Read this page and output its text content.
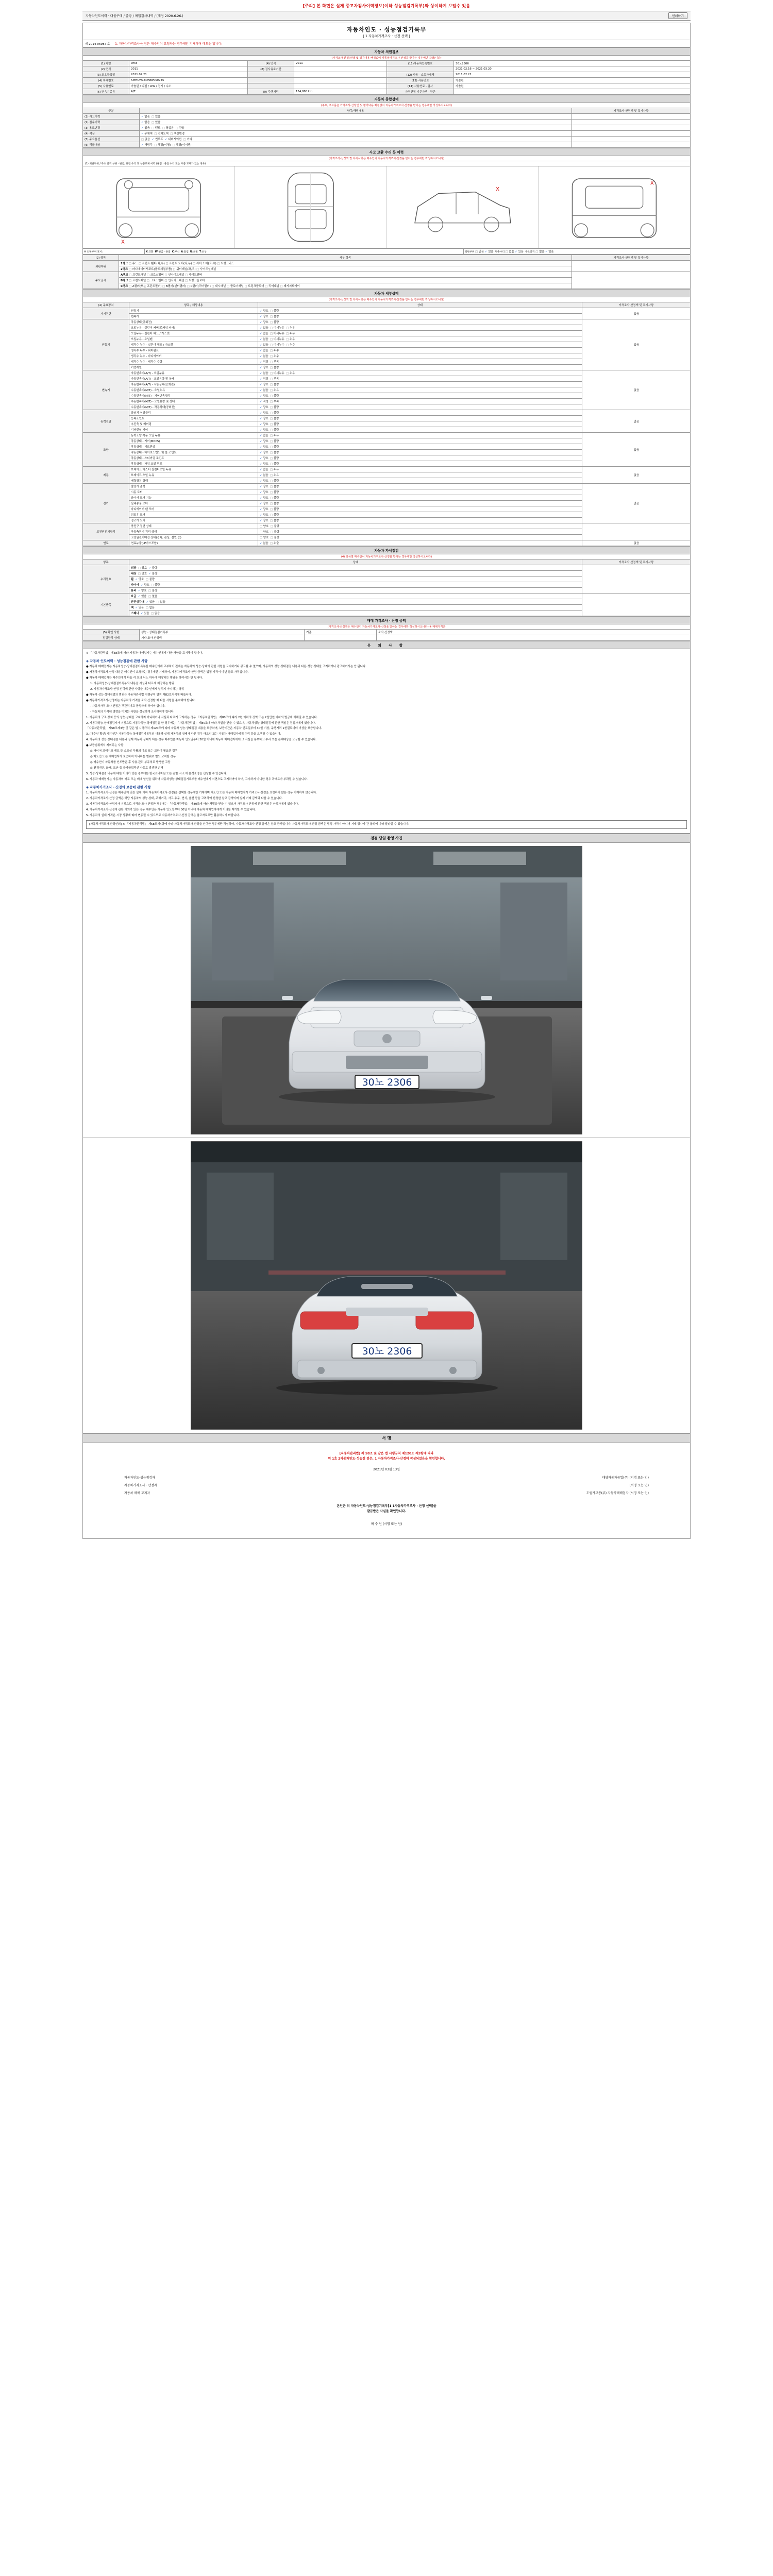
[주의] 본 화면은 실제 중고차검사이력정보(이하 성능점검기록부)와 상이하게 보일수 있음
자동차인도이력 · 대물구매 / 출장 / 매입검사내역 / (개정 2020.6.26.)	인쇄하기
자동차인도 · 성능점검기록부
[ 1 자동차가격조사 · 산정 선택 ]

제 2014-06987 호 1. 자동차가격조사·산정은 매수인이 요청하는 경우에만 기재하며 매도는 합니다.
자동차 의원정보					
(가격조사·산정(선택 및 평가내용 빠짐없이 자동차가격조사·산정을 받아는 경우에만 작성)니다)					
(1) 차명	DM3	(4) 연식	2011	(11)자동차등록번호	30노2306
(2) 연식	2011	(8) 검사유효기간			2021.02.16 ~ 2021.03.20
(3) 최초등록일	2011.02.21			(12) 사용 · 소유자대체	2011.02.21
(4) 차대번호	KMHCW13MNBP050735			(13) 사용연료	가솔린
(5) 사용연료	가솔린 / 디젤 / LPG / 전기 / 수소			(14) 사용연료 · 검사	가솔린
(6) 변속기종류	A/T	(9) 주행거리	134,880 km	가격산정 기준가액 · 잔존	
자동차 종합상태		
(주요, 주요품은 가격조사·산정및 및 평가내용 빠짐없이 자동차가격조사·산정을 받아는 경우에만 작성하시오니다)		
구분	항목/해당내용	가격조사·산정액 및 특기사항
(1) 사고이력	✓ 없음 □ 있음	
(2) 침수이력	✓ 없음 □ 있음	
(3) 용도변경	✓ 없음 □ 렌트 □ 영업용 □ 관용	
(4) 색상	✓ 무채색 □ 전체도색 □ 색상변경	
(5) 주요옵션	□ 없음 ✓ 썬루프 ✓ 내비게이션 □ 기타	
(6) 리콜대상	✓ 해당무 □ 해당(이행) □ 해당(미이행)	
사고 교환 수리 등 이력
(가격조사·산정액 및 특기사항은 매수인이 자동차가격조사·산정을 받아는 경우에만 작성하시오니다)
(1) 외판부위 / 주요 골격 부위 · 판금, 용접 수리 및 부품교체 이력 (물림 · 용접 수리 또는 부품 교체가 있는 경우)
X
X
X
※ 외판부위 표시:	X:교환 W:판금 · 용접 C:부식 A:흠집 U:요철 T:손상	외판부위 □ 없음 ✓ 있음 단순수리 □ 없음 ✓ 있음 주요골격 □ 없음 ✓ 있음
(2) 항목	세부 항목	가격조사·산정액 및 특기사항
외판부위	1랭크 □ 후드 □ 프런트 휀더(좌,우) □ 프런트 도어(좌,우) □ 리어 도어(좌,우) □ 트렁크리드	
	2랭크 □ 라디에이터서포트(볼트체결부품) □ 쿼터패널(좌,우) □ 사이드실패널	
주요골격	A랭크 □ 프런트패널 □ 크로스멤버 □ 인사이드패널 □ 사이드멤버	
	B랭크 □ 프런트패널 □ 크로스멤버 □ 인사이드패널 □ 트렁크플로어	
	C랭크 □ A필러(또는 프런트필러) □ B필러(센터필러) □ C필러(리어필러) □ 대시패널 □ 플로어패널 □ 트렁크플로어 □ 리어패널 □ 패키지트레이	
자동차 세부상태			
(가격조사·산정액 및 특기사항은 매수인이 자동차가격조사·산정을 받아는 경우에만 작성하시오니다)			
(4) 주요장치	항목 / 해당내용	상태	가격조사·산정액 및 특기사항
자기진단	원동기	✓ 양호 □ 불량	없음
	변속기	✓ 양호 □ 불량	
원동기	작동상태(공회전)	✓ 양호 □ 불량	없음
	오일누유 - 실린더 커버(로커암 커버)	✓ 없음 □ 미세누유 □ 누유	
	오일누유 - 실린더 헤드 / 가스켓	✓ 없음 □ 미세누유 □ 누유	
	오일누유 - 오일팬	✓ 없음 □ 미세누유 □ 누유	
	냉각수 누수 - 실린더 헤드 / 가스켓	✓ 없음 □ 미세누수 □ 누수	
	냉각수 누수 - 워터펌프	✓ 없음 □ 누수	
	냉각수 누수 - 라디에이터	✓ 없음 □ 누수	
	냉각수 누수 - 냉각수 수량	✓ 적정 □ 부족	
	커먼레일	✓ 양호 □ 불량	
변속기	자동변속기(A/T) - 오일누유	✓ 없음 □ 미세누유 □ 누유	없음
	자동변속기(A/T) - 오일유량 및 상태	✓ 적정 □ 부족	
	자동변속기(A/T) - 작동상태(공회전)	✓ 양호 □ 불량	
	수동변속기(M/T) - 오일누유	✓ 없음 □ 누유	
	수동변속기(M/T) - 기어변속장치	✓ 양호 □ 불량	
	수동변속기(M/T) - 오일유량 및 상태	✓ 적정 □ 부족	
	수동변속기(M/T) - 작동상태(공회전)	✓ 양호 □ 불량	
동력전달	클러치 어셈블리	✓ 양호 □ 불량	없음
	등속조인트	✓ 양호 □ 불량	
	추진축 및 베어링	✓ 양호 □ 불량	
	디퍼렌셜 기어	✓ 양호 □ 불량	
조향	동력조향 작동 오일 누유	✓ 없음 □ 누유	없음
	작동상태 - 기어(MDPS)	✓ 양호 □ 불량	
	작동상태 - 피트먼암	✓ 양호 □ 불량	
	작동상태 - 타이로드엔드 및 볼 조인트	✓ 양호 □ 불량	
	작동상태 - 스티어링 조인트	✓ 양호 □ 불량	
	작동상태 - 파워 오일 펌프	✓ 양호 □ 불량	
제동	브레이크 마스터 실린더오일 누유	✓ 없음 □ 누유	없음
	브레이크 오일 누유	✓ 없음 □ 누유	
	배력장치 상태	✓ 양호 □ 불량	
전기	발전기 출력	✓ 양호 □ 불량	없음
	시동 모터	✓ 양호 □ 불량	
	와이퍼 모터 기능	✓ 양호 □ 불량	
	실내송풍 모터	✓ 양호 □ 불량	
	라디에이터 팬 모터	✓ 양호 □ 불량	
	윈도우 모터	✓ 양호 □ 불량	
	정조기 모터	✓ 양호 □ 불량	
고전원전기장치	충전구 절연 상태	□ 양호 □ 불량	
	구동축전지 격리 상태	□ 양호 □ 불량	
	고전원전기배선 상태(접속, 손상, 절연 등)	□ 양호 □ 불량	
연료	연료누출(LP가스포함)	✓ 없음 □ 누출	없음
자동차 자세점검		
(4) 항목별 매수인이 자동차가격조사·산정을 받아는 경우에만 작성하시오니다)		
항목	상태	가격조사·산정액 및 특기사항
수리필요	외장 □ 양호 ✓ 불량	
	내장 □ 양호 ✓ 불량	
	휠 ✓ 양호 □ 불량	
	타이어 ✓ 양호 □ 불량	
	유리 ✓ 양호 □ 불량	
기본품목	요금 ✓ 있음 □ 없음	
	안전삼각대 ✓ 있음 □ 없음	
	잭 ✓ 있음 □ 없음	
	스패너 ✓ 있음 □ 없음	
매매 가격조사 · 산정 금액			
(가격조사·산정액은 매수인이 자동차가격조사·산정을 받아는 경우에만 작성하시오니다) ※ 매매가격은			
(5) 확인 사항	성능 · 상태점검기록부	기준	조사·산정액
점검장치 상태	기타 조사·산정액		
유 의 사 항

※ 「자동차관리법」제58조에 따라 자동차 매매업자는 매수인에게 다음 사항을 고지해야 합니다.

◈ 자동차 인도이력 · 성능점검에 관한 사항

● 자동차 매매업자는 자동차성능·상태점검기록부를 매수인에게 교부하기 전에는 자동차의 성능·상태에 관한 사항을 고지하거나 광고할 수 없으며, 자동차의 성능·상태점검 내용과 다른 성능·상태를 고지하거나 광고하여서는 안 됩니다.

● 자동차가격조사·산정 내용은 매수인이 요청하는 경우에만 기재하며, 자동차가격조사·산정 금액은 법정 가격이 아닌 참고 가격입니다.

● 자동차 매매업자는 매수인에게 다음 각 호의 어느 하나에 해당하는 행위를 하여서는 안 됩니다.

1. 자동차성능·상태점검기록부의 내용을 사실과 다르게 제공하는 행위

2. 자동차가격조사·산정 선택에 관한 사항을 매수인에게 알리지 아니하는 행위

● 자동차 성능·상태점검의 범위는 자동차관리법 시행규칙 별지 제82호서식에 따릅니다.

● 자동차가격조사·산정자는 자동차의 가격을 조사·산정할 때 다음 사항을 준수해야 합니다.

- 자동차가격 조사·산정은 객관적이고 공정하게 하여야 합니다.

- 자동차의 가격에 영향을 미치는 사항을 성실하게 조사하여야 합니다.

1. 자동차의 구조·장치 등의 성능·상태를 고지하지 아니하거나 사실과 다르게 고지하는 경우 「자동차관리법」 제80조에 따라 2년 이하의 징역 또는 2천만원 이하의 벌금에 처해질 수 있습니다.

2. 자동차성능·상태점검자가 거짓으로 자동차성능·상태점검을 한 경우에는 「자동차관리법」 제80조에 따라 처벌을 받을 수 있으며, 자동차성능·상태점검에 관한 책임은 점검자에게 있습니다.

「자동차관리법」 제58조제3항 및 같은 법 시행규칙 제120조에 따라 자동차 성능·상태점검 내용을 보증하며, 보증기간은 자동차 인도일부터 30일 이상, 주행거리 2천킬로미터 이상을 보증합니다.

3. (매수인 확인) 매수인은 자동차성능·상태점검기록부의 내용과 실제 자동차의 상태가 다른 경우 매도인 또는 자동차 매매업자에게 수리 등을 요구할 수 있습니다.

4. 자동차의 성능·상태점검 내용과 실제 자동차 상태가 다른 경우 매수인은 자동차 인도일부터 30일 이내에 자동차 매매업자에게 그 사실을 통보하고 수리 또는 손해배상을 요구할 수 있습니다.

● 보증범위에서 제외되는 사항

◎ 타이어·브레이크 패드 등 소모성 부품의 마모 또는 교환이 필요한 경우

◎ 매도인 또는 매매업자가 보증하지 아니하는 범위로 별도 고지한 경우

◎ 매수인이 자동차를 인도받은 후 사용·관리 부주의로 발생한 고장

◎ 천재지변, 화재, 도난 등 불가항력적인 사유로 발생한 손해

5. 성능·상태점검 내용에 대한 이의가 있는 경우에는 한국소비자원 또는 관할 시·도에 분쟁조정을 신청할 수 있습니다.

6. 자동차 매매업자는 자동차의 매도 또는 매매 알선을 위하여 자동차성능·상태점검기록부를 매수인에게 서면으로 고지하여야 하며, 고지하지 아니한 경우 과태료가 부과될 수 있습니다.

◈ 자동차가격조사 · 산정의 보증에 관한 사항

1. 자동차가격조사·산정은 매수인이 있는 실제(이하 자동차가격조사·산정)을 선택한 경우에만 기재하며 매도인 또는 자동차 매매업자가 가격조사·산정을 요청하지 않은 경우 기재하지 않습니다.

2. 자동차가격조사·산정 금액은 해당 자동차의 성능·상태, 주행거리, 사고 유무, 연식, 옵션 등을 고려하여 산정한 참고 금액이며 실제 거래 금액과 다를 수 있습니다.

3. 자동차가격조사·산정자가 거짓으로 가격을 조사·산정한 경우에는 「자동차관리법」 제80조에 따라 처벌을 받을 수 있으며 가격조사·산정에 관한 책임은 산정자에게 있습니다.

4. 자동차가격조사·산정에 관한 이의가 있는 경우 매수인은 자동차 인도일부터 30일 이내에 자동차 매매업자에게 이의를 제기할 수 있습니다.

5. 자동차의 실제 가격은 시장 상황에 따라 변동될 수 있으므로 자동차가격조사·산정 금액은 참고자료로만 활용하시기 바랍니다.

[자동차가격조사·산정인의] ※ 「자동차관리법」 제58조제4항에 따라 자동차가격조사·산정을 선택한 경우에만 작성하며, 자동차가격조사·산정 금액은 참고 금액입니다. 자동차가격조사·산정 금액은 법정 가격이 아니며 거래 당사자 간 합의에 따라 달라질 수 있습니다.
점검 당일 촬영 사진
30노 2306
30노 2306
서 명
[자동차관리법] 제 58조 및 같은 법 시행규칙 제120조 제3항에 따라
위 1호 2자동차인도·성능점 검은, 1 자동차가격조사·산정이 작성되었음을 확인합니다.
2021년 03월 13일
자동차인도·성능점검자	대양자동차공업(주) (서명 또는 인)
자동차가격조사 · 산정자	(서명 또는 인)
자동차 매매 고지자	도림카교통(주) 자동차매매업자 (서명 또는 인)
본인은 위 자동차인도·성능점검기록부[1 1자동차가격조사 · 산정 선택]을
발급받은 사실을 확인합니다.
매 수 인 (서명 또는 인)
